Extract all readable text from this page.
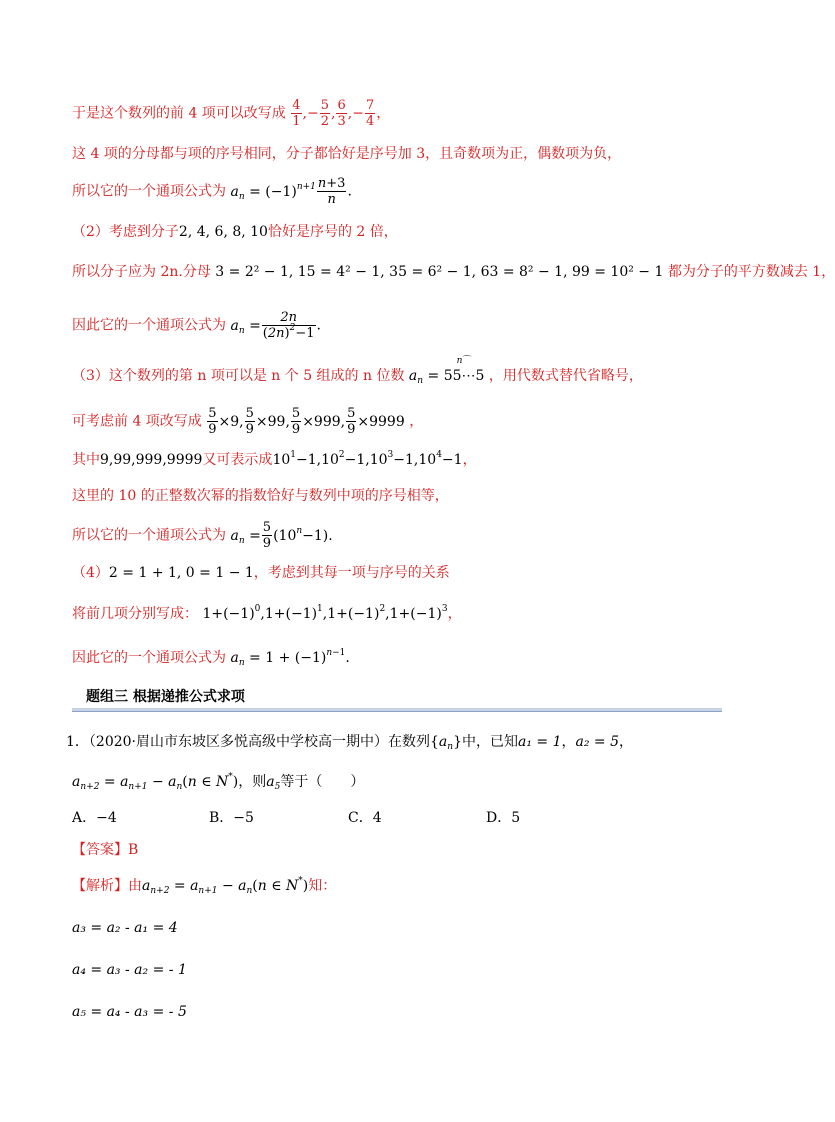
于是这个数列的前 4 项可以改写成 $\frac{4}{1}$ ,− $\frac{5}{2}$ , $\frac{6}{3}$ ,− $\frac{7}{4}$ ，
这 4 项的分母都与项的序号相同，分子都恰好是序号加 3，且奇数项为正，偶数项为负，
所以它的一个通项公式为 $a_n = (-1)^{n+1} \frac{n+3}{n}$ .
（2）考虑到分子2, 4, 6, 8, 10恰好是序号的 2 倍，
所以分子应为 2n.分母 3 = 2² − 1, 15 = 4² − 1, 35 = 6² − 1, 63 = 8² − 1, 99 = 10² − 1 都为分子的平方数减去 1，
因此它的一个通项公式为 $a_n = \frac{2n}{(2n)^2-1}$ .
（3）这个数列的第 n 项可以是 n 个 5 组成的 n 位数 $a_n$ =
n⌒
55⋯5 ，用代数式替代省略号，
可考虑前 4 项改写成 $\frac{5}{9} \times 9$, $\frac{5}{9} \times 99$, $\frac{5}{9} \times 999$, $\frac{5}{9} \times 9999$ ，
其中9,99,999,9999又可表示成$10^1-1,10^2-1,10^3-1,10^4-1$，
这里的 10 的正整数次幂的指数恰好与数列中项的序号相等，
所以它的一个通项公式为 $a_n = \frac{5}{9} (10^n-1)$.
（4）2 = 1 + 1, 0 = 1 − 1，考虑到其每一项与序号的关系
将前几项分别写成： $1+(-1)^0,1+(-1)^1,1+(-1)^2,1+(-1)^3$，
因此它的一个通项公式为 $a_n = 1 + (-1)^{n-1}$.
题组三 根据递推公式求项
1．（2020·眉山市东坡区多悦高级中学校高一期中）在数列$\{a_n\}$中，已知a₁ = 1，a₂ = 5，
$a_{n+2} = a_{n+1} - a_n(n$ ∈ N*)，则$a_5$等于（　　）
A．−4	B．−5	C．4	D．5
【答案】B
【解析】由$a_{n+2} = a_{n+1} - a_n(n$ ∈ N*)知：
a₃ = a₂ - a₁ = 4
a₄ = a₃ - a₂ = - 1
a₅ = a₄ - a₃ = - 5
